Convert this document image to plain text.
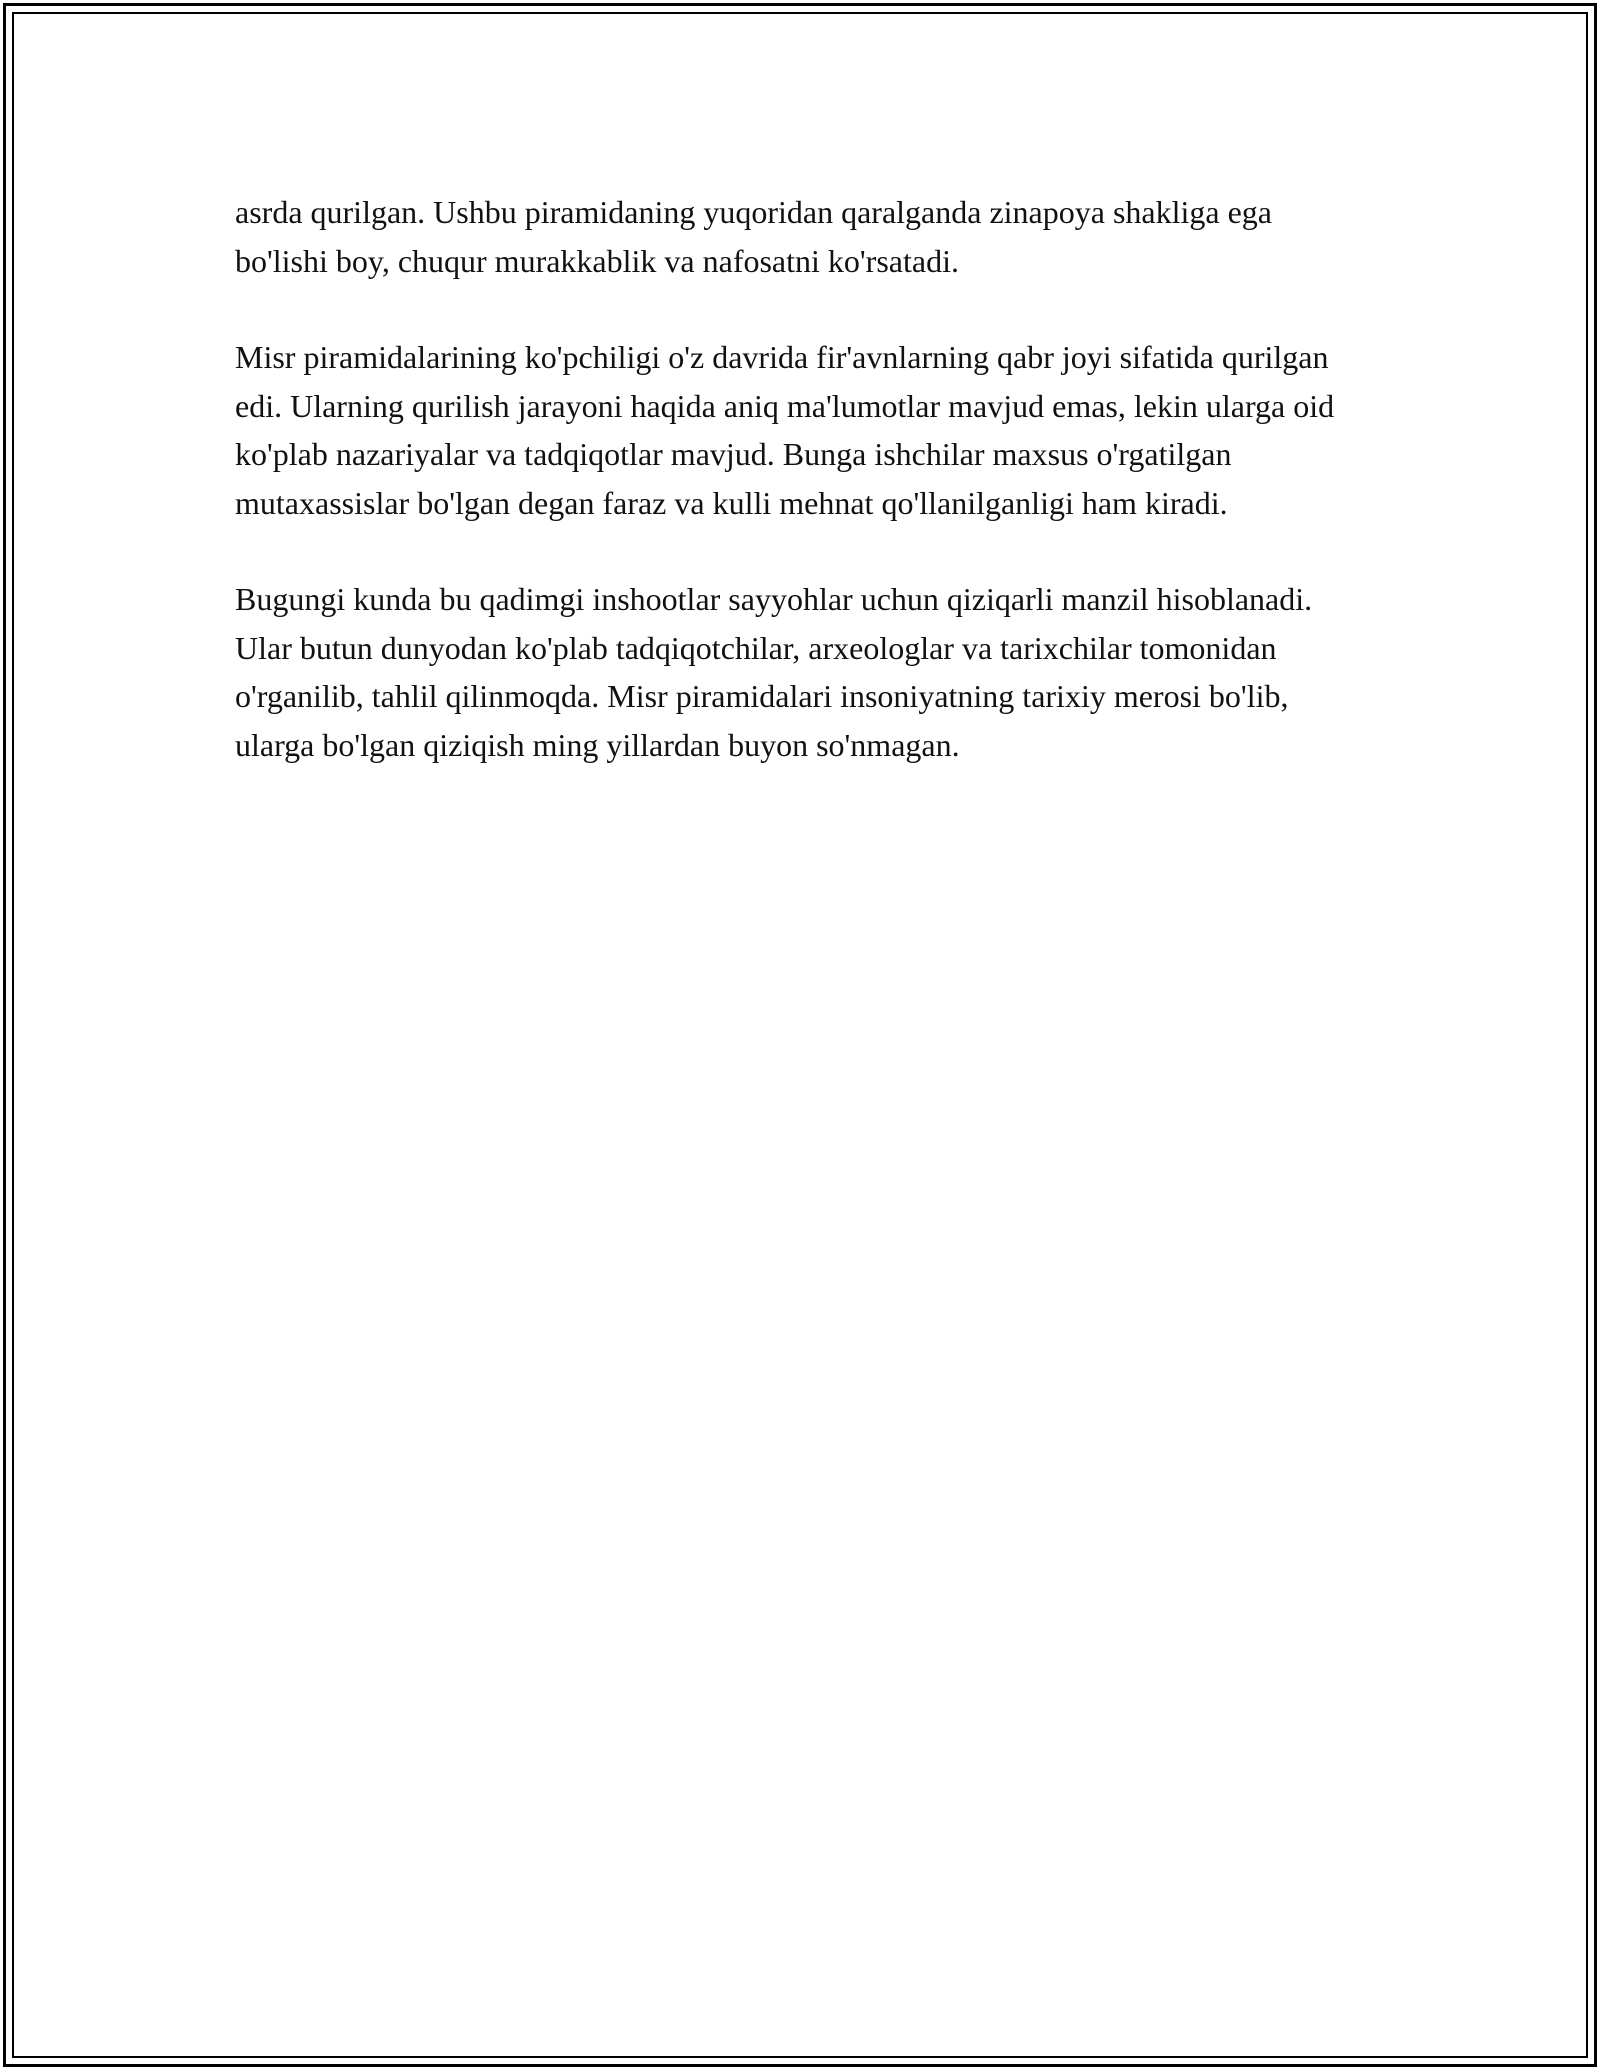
asrda qurilgan. Ushbu piramidaning yuqoridan qaralganda zinapoya shakliga ega bo'lishi boy, chuqur murakkablik va nafosatni ko'rsatadi.

Misr piramidalarining ko'pchiligi o'z davrida fir'avnlarning qabr joyi sifatida qurilgan edi. Ularning qurilish jarayoni haqida aniq ma'lumotlar mavjud emas, lekin ularga oid ko'plab nazariyalar va tadqiqotlar mavjud. Bunga ishchilar maxsus o'rgatilgan mutaxassislar bo'lgan degan faraz va kulli mehnat qo'llanilganligi ham kiradi.

Bugungi kunda bu qadimgi inshootlar sayyohlar uchun qiziqarli manzil hisoblanadi. Ular butun dunyodan ko'plab tadqiqotchilar, arxeologlar va tarixchilar tomonidan o'rganilib, tahlil qilinmoqda. Misr piramidalari insoniyatning tarixiy merosi bo'lib, ularga bo'lgan qiziqish ming yillardan buyon so'nmagan.
